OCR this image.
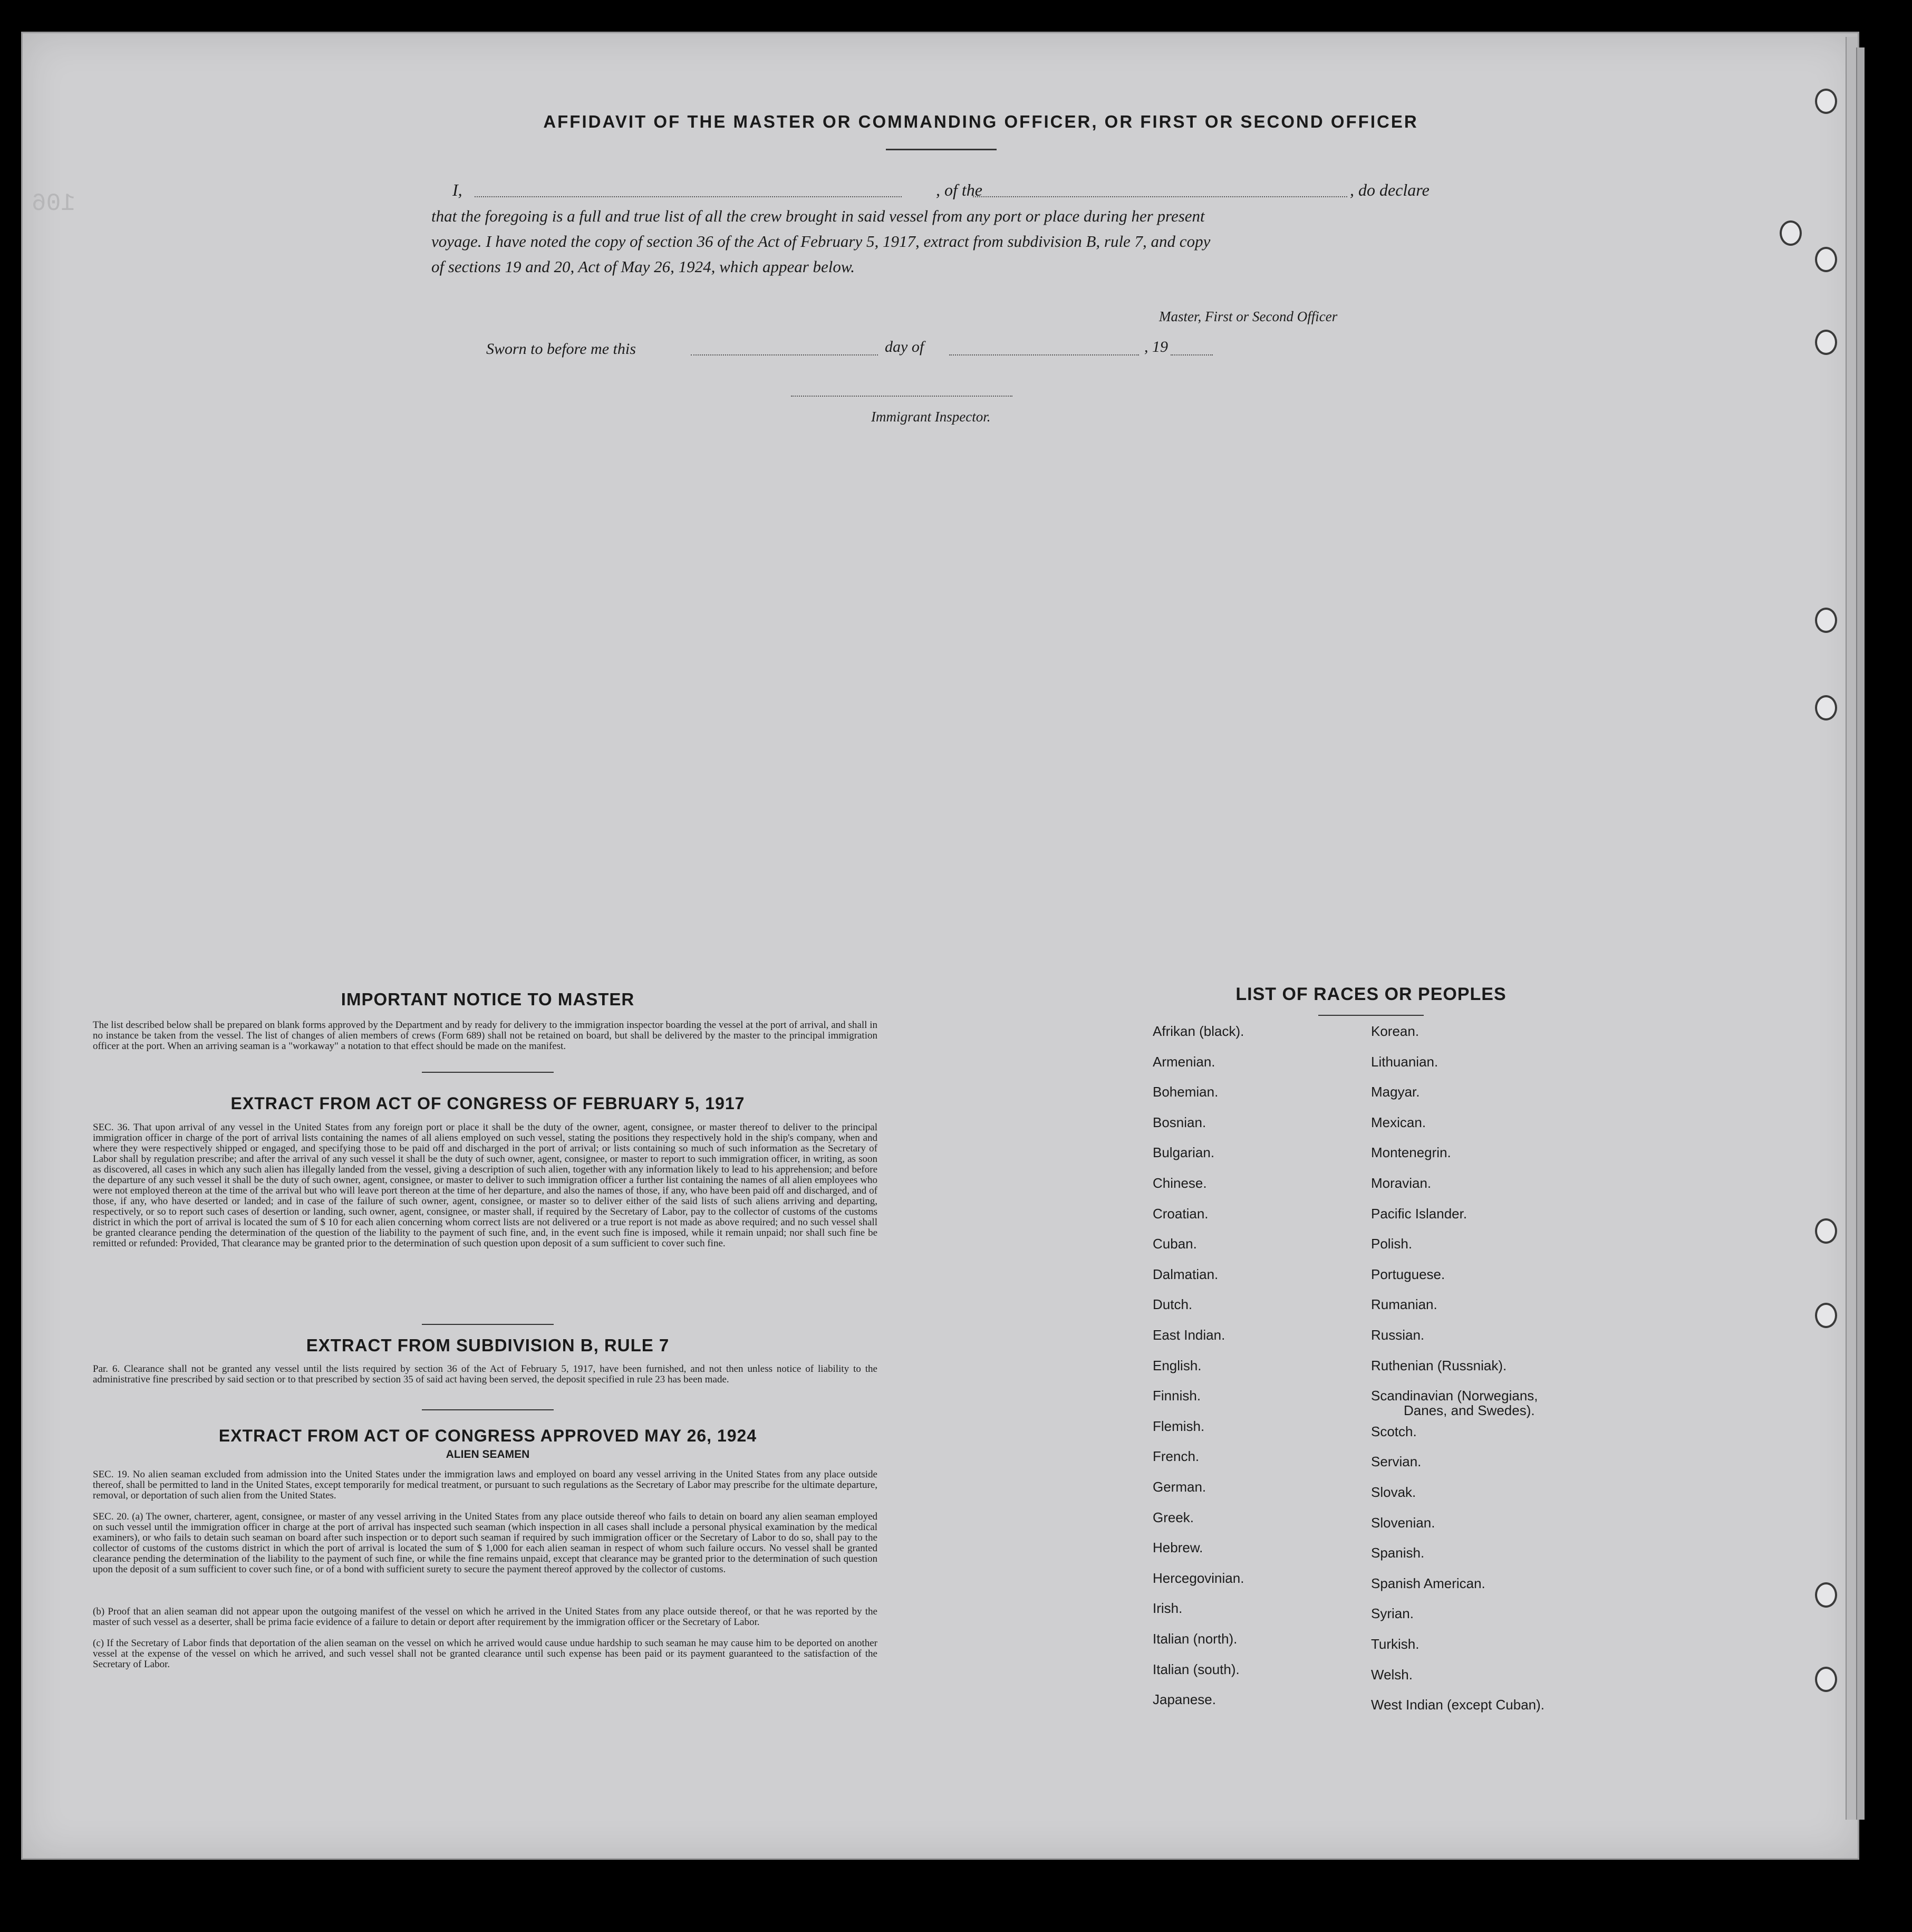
106
AFFIDAVIT OF THE MASTER OR COMMANDING OFFICER, OR FIRST OR SECOND OFFICER
I,	, of the	, do declare
that the foregoing is a full and true list of all the crew brought in said vessel from any port or place during her present
voyage. I have noted the copy of section 36 of the Act of February 5, 1917, extract from subdivision B, rule 7, and copy
of sections 19 and 20, Act of May 26, 1924, which appear below.
Master, First or Second Officer
Sworn to before me this	day of	, 19
Immigrant Inspector.
IMPORTANT NOTICE TO MASTER

The list described below shall be prepared on blank forms approved by the Department and by ready for delivery to the immigration inspector boarding the vessel at the port of arrival, and shall in no instance be taken from the vessel. The list of changes of alien members of crews (Form 689) shall not be retained on board, but shall be delivered by the master to the principal immigration officer at the port. When an arriving seaman is a "workaway" a notation to that effect should be made on the manifest.

EXTRACT FROM ACT OF CONGRESS OF FEBRUARY 5, 1917

SEC. 36. That upon arrival of any vessel in the United States from any foreign port or place it shall be the duty of the owner, agent, consignee, or master thereof to deliver to the principal immigration officer in charge of the port of arrival lists containing the names of all aliens employed on such vessel, stating the positions they respectively hold in the ship's company, when and where they were respectively shipped or engaged, and specifying those to be paid off and discharged in the port of arrival; or lists containing so much of such information as the Secretary of Labor shall by regulation prescribe; and after the arrival of any such vessel it shall be the duty of such owner, agent, consignee, or master to report to such immigration officer, in writing, as soon as discovered, all cases in which any such alien has illegally landed from the vessel, giving a description of such alien, together with any information likely to lead to his apprehension; and before the departure of any such vessel it shall be the duty of such owner, agent, consignee, or master to deliver to such immigration officer a further list containing the names of all alien employees who were not employed thereon at the time of the arrival but who will leave port thereon at the time of her departure, and also the names of those, if any, who have been paid off and discharged, and of those, if any, who have deserted or landed; and in case of the failure of such owner, agent, consignee, or master so to deliver either of the said lists of such aliens arriving and departing, respectively, or so to report such cases of desertion or landing, such owner, agent, consignee, or master shall, if required by the Secretary of Labor, pay to the collector of customs of the customs district in which the port of arrival is located the sum of $ 10 for each alien concerning whom correct lists are not delivered or a true report is not made as above required; and no such vessel shall be granted clearance pending the determination of the question of the liability to the payment of such fine, and, in the event such fine is imposed, while it remain unpaid; nor shall such fine be remitted or refunded: Provided, That clearance may be granted prior to the determination of such question upon deposit of a sum sufficient to cover such fine.

EXTRACT FROM SUBDIVISION B, RULE 7

Par. 6. Clearance shall not be granted any vessel until the lists required by section 36 of the Act of February 5, 1917, have been furnished, and not then unless notice of liability to the administrative fine prescribed by said section or to that prescribed by section 35 of said act having been served, the deposit specified in rule 23 has been made.

EXTRACT FROM ACT OF CONGRESS APPROVED MAY 26, 1924
ALIEN SEAMEN

SEC. 19. No alien seaman excluded from admission into the United States under the immigration laws and employed on board any vessel arriving in the United States from any place outside thereof, shall be permitted to land in the United States, except temporarily for medical treatment, or pursuant to such regulations as the Secretary of Labor may prescribe for the ultimate departure, removal, or deportation of such alien from the United States.

SEC. 20. (a) The owner, charterer, agent, consignee, or master of any vessel arriving in the United States from any place outside thereof who fails to detain on board any alien seaman employed on such vessel until the immigration officer in charge at the port of arrival has inspected such seaman (which inspection in all cases shall include a personal physical examination by the medical examiners), or who fails to detain such seaman on board after such inspection or to deport such seaman if required by such immigration officer or the Secretary of Labor to do so, shall pay to the collector of customs of the customs district in which the port of arrival is located the sum of $ 1,000 for each alien seaman in respect of whom such failure occurs. No vessel shall be granted clearance pending the determination of the liability to the payment of such fine, or while the fine remains unpaid, except that clearance may be granted prior to the determination of such question upon the deposit of a sum sufficient to cover such fine, or of a bond with sufficient surety to secure the payment thereof approved by the collector of customs.

(b) Proof that an alien seaman did not appear upon the outgoing manifest of the vessel on which he arrived in the United States from any place outside thereof, or that he was reported by the master of such vessel as a deserter, shall be prima facie evidence of a failure to detain or deport after requirement by the immigration officer or the Secretary of Labor.

(c) If the Secretary of Labor finds that deportation of the alien seaman on the vessel on which he arrived would cause undue hardship to such seaman he may cause him to be deported on another vessel at the expense of the vessel on which he arrived, and such vessel shall not be granted clearance until such expense has been paid or its payment guaranteed to the satisfaction of the Secretary of Labor.

LIST OF RACES OR PEOPLES
Afrikan (black).
Armenian.
Bohemian.
Bosnian.
Bulgarian.
Chinese.
Croatian.
Cuban.
Dalmatian.
Dutch.
East Indian.
English.
Finnish.
Flemish.
French.
German.
Greek.
Hebrew.
Hercegovinian.
Irish.
Italian (north).
Italian (south).
Japanese.
Korean.
Lithuanian.
Magyar.
Mexican.
Montenegrin.
Moravian.
Pacific Islander.
Polish.
Portuguese.
Rumanian.
Russian.
Ruthenian (Russniak).
Scandinavian (Norwegians,
Danes, and Swedes).
Scotch.
Servian.
Slovak.
Slovenian.
Spanish.
Spanish American.
Syrian.
Turkish.
Welsh.
West Indian (except Cuban).
